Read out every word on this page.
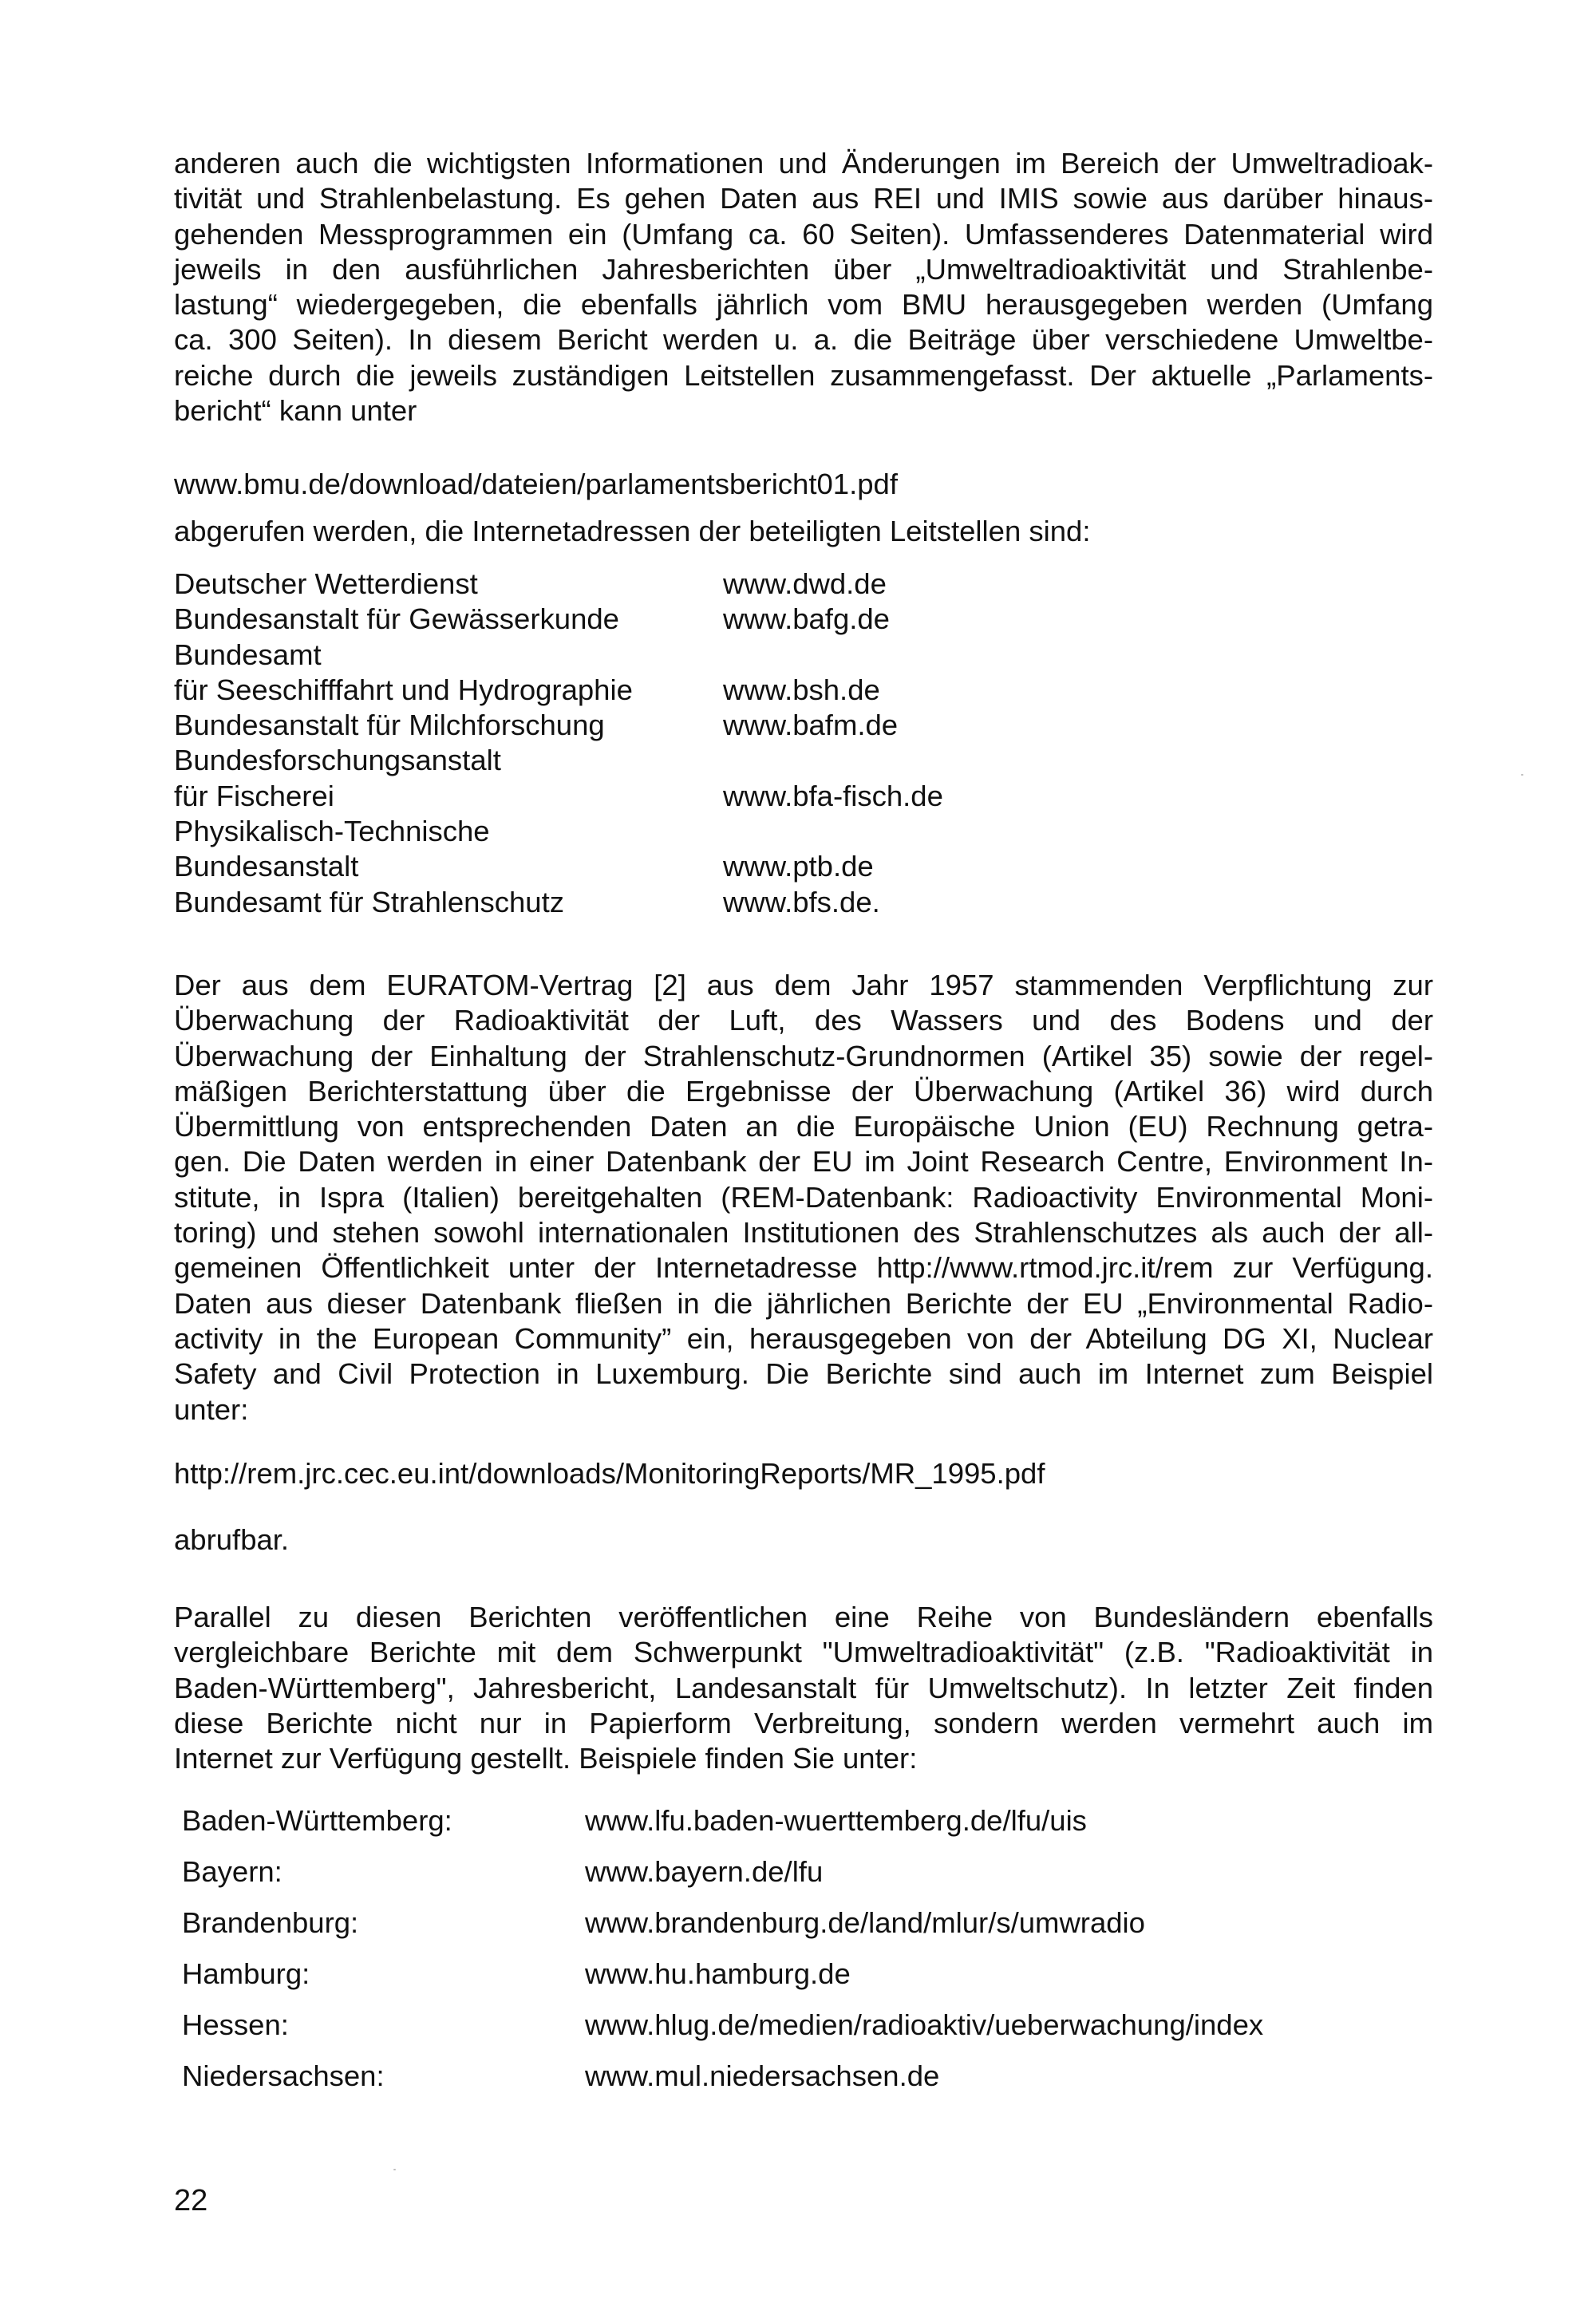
anderen auch die wichtigsten Informationen und Änderungen im Bereich der Umweltradioak-
tivität und Strahlenbelastung. Es gehen Daten aus REI und IMIS sowie aus darüber hinaus-
gehenden Messprogrammen ein (Umfang ca. 60 Seiten). Umfassenderes Datenmaterial wird
jeweils in den ausführlichen Jahresberichten über „Umweltradioaktivität und Strahlenbe-
lastung“ wiedergegeben, die ebenfalls jährlich vom BMU herausgegeben werden (Umfang
ca. 300 Seiten). In diesem Bericht werden u. a. die Beiträge über verschiedene Umweltbe-
reiche durch die jeweils zuständigen Leitstellen zusammengefasst. Der aktuelle „Parlaments-
bericht“ kann unter

www.bmu.de/download/dateien/parlamentsbericht01.pdf

abgerufen werden, die Internetadressen der beteiligten Leitstellen sind:

Deutscher Wetterdienst	www.dwd.de
Bundesanstalt für Gewässerkunde	www.bafg.de
Bundesamt
für Seeschifffahrt und Hydrographie	www.bsh.de
Bundesanstalt für Milchforschung	www.bafm.de
Bundesforschungsanstalt
für Fischerei	www.bfa-fisch.de
Physikalisch-Technische
Bundesanstalt	www.ptb.de
Bundesamt für Strahlenschutz	www.bfs.de.

Der aus dem EURATOM-Vertrag [2] aus dem Jahr 1957 stammenden Verpflichtung zur
Überwachung der Radioaktivität der Luft, des Wassers und des Bodens und der
Überwachung der Einhaltung der Strahlenschutz-Grundnormen (Artikel 35) sowie der regel-
mäßigen Berichterstattung über die Ergebnisse der Überwachung (Artikel 36) wird durch
Übermittlung von entsprechenden Daten an die Europäische Union (EU) Rechnung getra-
gen. Die Daten werden in einer Datenbank der EU im Joint Research Centre, Environment In-
stitute, in Ispra (Italien) bereitgehalten (REM-Datenbank: Radioactivity Environmental Moni-
toring) und stehen sowohl internationalen Institutionen des Strahlenschutzes als auch der all-
gemeinen Öffentlichkeit unter der Internetadresse http://www.rtmod.jrc.it/rem zur Verfügung.
Daten aus dieser Datenbank fließen in die jährlichen Berichte der EU „Environmental Radio-
activity in the European Community” ein, herausgegeben von der Abteilung DG XI, Nuclear
Safety and Civil Protection in Luxemburg. Die Berichte sind auch im Internet zum Beispiel
unter:

http://rem.jrc.cec.eu.int/downloads/MonitoringReports/MR_1995.pdf

abrufbar.

Parallel zu diesen Berichten veröffentlichen eine Reihe von Bundesländern ebenfalls
vergleichbare Berichte mit dem Schwerpunkt "Umweltradioaktivität" (z.B. "Radioaktivität in
Baden-Württemberg", Jahresbericht, Landesanstalt für Umweltschutz). In letzter Zeit finden
diese Berichte nicht nur in Papierform Verbreitung, sondern werden vermehrt auch im
Internet zur Verfügung gestellt. Beispiele finden Sie unter:

Baden-Württemberg:	www.lfu.baden-wuerttemberg.de/lfu/uis
Bayern:	www.bayern.de/lfu
Brandenburg:	www.brandenburg.de/land/mlur/s/umwradio
Hamburg:	www.hu.hamburg.de
Hessen:	www.hlug.de/medien/radioaktiv/ueberwachung/index
Niedersachsen:	www.mul.niedersachsen.de
22
